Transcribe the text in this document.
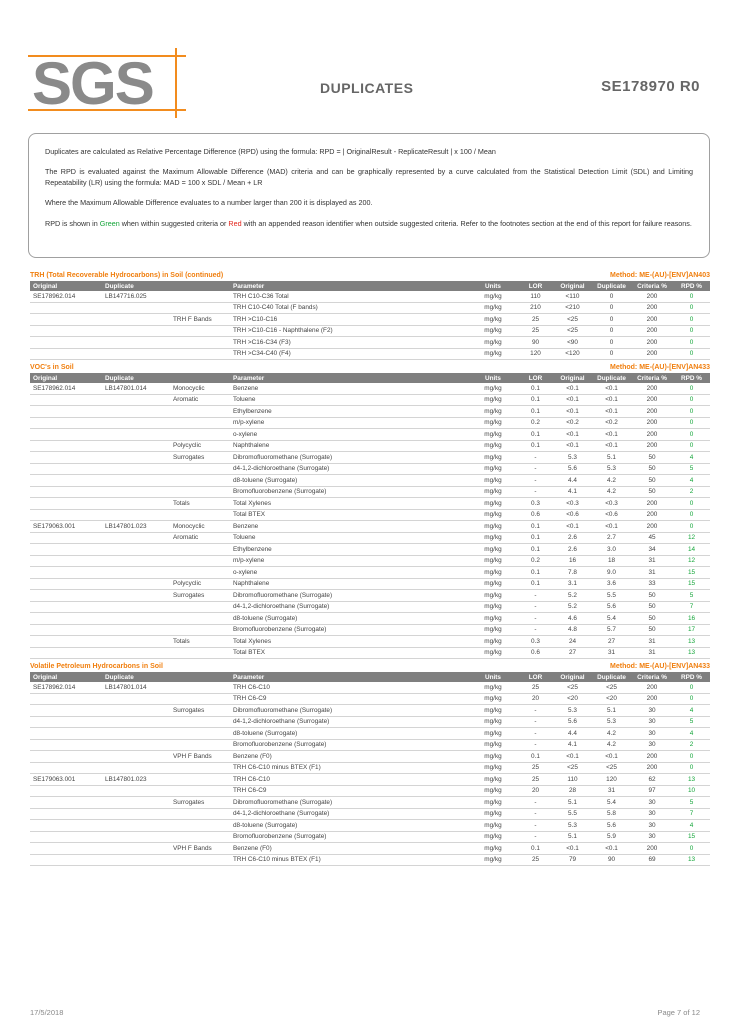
SGS	DUPLICATES	SE178970 R0

Duplicates are calculated as Relative Percentage Difference (RPD) using the formula: RPD = | OriginalResult - ReplicateResult | x 100 / Mean

The RPD is evaluated against the Maximum Allowable Difference (MAD) criteria and can be graphically represented by a curve calculated from the Statistical Detection Limit (SDL) and Limiting Repeatability (LR) using the formula: MAD = 100 x SDL / Mean + LR

Where the Maximum Allowable Difference evaluates to a number larger than 200 it is displayed as 200.

RPD is shown in Green when within suggested criteria or Red with an appended reason identifier when outside suggested criteria. Refer to the footnotes section at the end of this report for failure reasons.

TRH (Total Recoverable Hydrocarbons) in Soil (continued)	Method: ME-(AU)-[ENV]AN403
Original	Duplicate		Parameter	Units	LOR	Original	Duplicate	Criteria %	RPD %
SE178962.014	LB147716.025		TRH C10-C36 Total	mg/kg	110	<110	0	200	0
			TRH C10-C40 Total (F bands)	mg/kg	210	<210	0	200	0
		TRH F Bands	TRH >C10-C16	mg/kg	25	<25	0	200	0
			TRH >C10-C16 - Naphthalene (F2)	mg/kg	25	<25	0	200	0
			TRH >C16-C34 (F3)	mg/kg	90	<90	0	200	0
			TRH >C34-C40 (F4)	mg/kg	120	<120	0	200	0
VOC's in Soil	Method: ME-(AU)-[ENV]AN433
Original	Duplicate		Parameter	Units	LOR	Original	Duplicate	Criteria %	RPD %
SE178962.014	LB147801.014	Monocyclic	Benzene	mg/kg	0.1	<0.1	<0.1	200	0
		Aromatic	Toluene	mg/kg	0.1	<0.1	<0.1	200	0
			Ethylbenzene	mg/kg	0.1	<0.1	<0.1	200	0
			m/p-xylene	mg/kg	0.2	<0.2	<0.2	200	0
			o-xylene	mg/kg	0.1	<0.1	<0.1	200	0
		Polycyclic	Naphthalene	mg/kg	0.1	<0.1	<0.1	200	0
		Surrogates	Dibromofluoromethane (Surrogate)	mg/kg	-	5.3	5.1	50	4
			d4-1,2-dichloroethane (Surrogate)	mg/kg	-	5.6	5.3	50	5
			d8-toluene (Surrogate)	mg/kg	-	4.4	4.2	50	4
			Bromofluorobenzene (Surrogate)	mg/kg	-	4.1	4.2	50	2
		Totals	Total Xylenes	mg/kg	0.3	<0.3	<0.3	200	0
			Total BTEX	mg/kg	0.6	<0.6	<0.6	200	0
SE179063.001	LB147801.023	Monocyclic	Benzene	mg/kg	0.1	<0.1	<0.1	200	0
		Aromatic	Toluene	mg/kg	0.1	2.6	2.7	45	12
			Ethylbenzene	mg/kg	0.1	2.6	3.0	34	14
			m/p-xylene	mg/kg	0.2	16	18	31	12
			o-xylene	mg/kg	0.1	7.8	9.0	31	15
		Polycyclic	Naphthalene	mg/kg	0.1	3.1	3.6	33	15
		Surrogates	Dibromofluoromethane (Surrogate)	mg/kg	-	5.2	5.5	50	5
			d4-1,2-dichloroethane (Surrogate)	mg/kg	-	5.2	5.6	50	7
			d8-toluene (Surrogate)	mg/kg	-	4.6	5.4	50	16
			Bromofluorobenzene (Surrogate)	mg/kg	-	4.8	5.7	50	17
		Totals	Total Xylenes	mg/kg	0.3	24	27	31	13
			Total BTEX	mg/kg	0.6	27	31	31	13
Volatile Petroleum Hydrocarbons in Soil	Method: ME-(AU)-[ENV]AN433
Original	Duplicate		Parameter	Units	LOR	Original	Duplicate	Criteria %	RPD %
SE178962.014	LB147801.014		TRH C6-C10	mg/kg	25	<25	<25	200	0
			TRH C6-C9	mg/kg	20	<20	<20	200	0
		Surrogates	Dibromofluoromethane (Surrogate)	mg/kg	-	5.3	5.1	30	4
			d4-1,2-dichloroethane (Surrogate)	mg/kg	-	5.6	5.3	30	5
			d8-toluene (Surrogate)	mg/kg	-	4.4	4.2	30	4
			Bromofluorobenzene (Surrogate)	mg/kg	-	4.1	4.2	30	2
		VPH F Bands	Benzene (F0)	mg/kg	0.1	<0.1	<0.1	200	0
			TRH C6-C10 minus BTEX (F1)	mg/kg	25	<25	<25	200	0
SE179063.001	LB147801.023		TRH C6-C10	mg/kg	25	110	120	62	13
			TRH C6-C9	mg/kg	20	28	31	97	10
		Surrogates	Dibromofluoromethane (Surrogate)	mg/kg	-	5.1	5.4	30	5
			d4-1,2-dichloroethane (Surrogate)	mg/kg	-	5.5	5.8	30	7
			d8-toluene (Surrogate)	mg/kg	-	5.3	5.6	30	4
			Bromofluorobenzene (Surrogate)	mg/kg	-	5.1	5.9	30	15
		VPH F Bands	Benzene (F0)	mg/kg	0.1	<0.1	<0.1	200	0
			TRH C6-C10 minus BTEX (F1)	mg/kg	25	79	90	69	13
17/5/2018	Page 7 of 12
